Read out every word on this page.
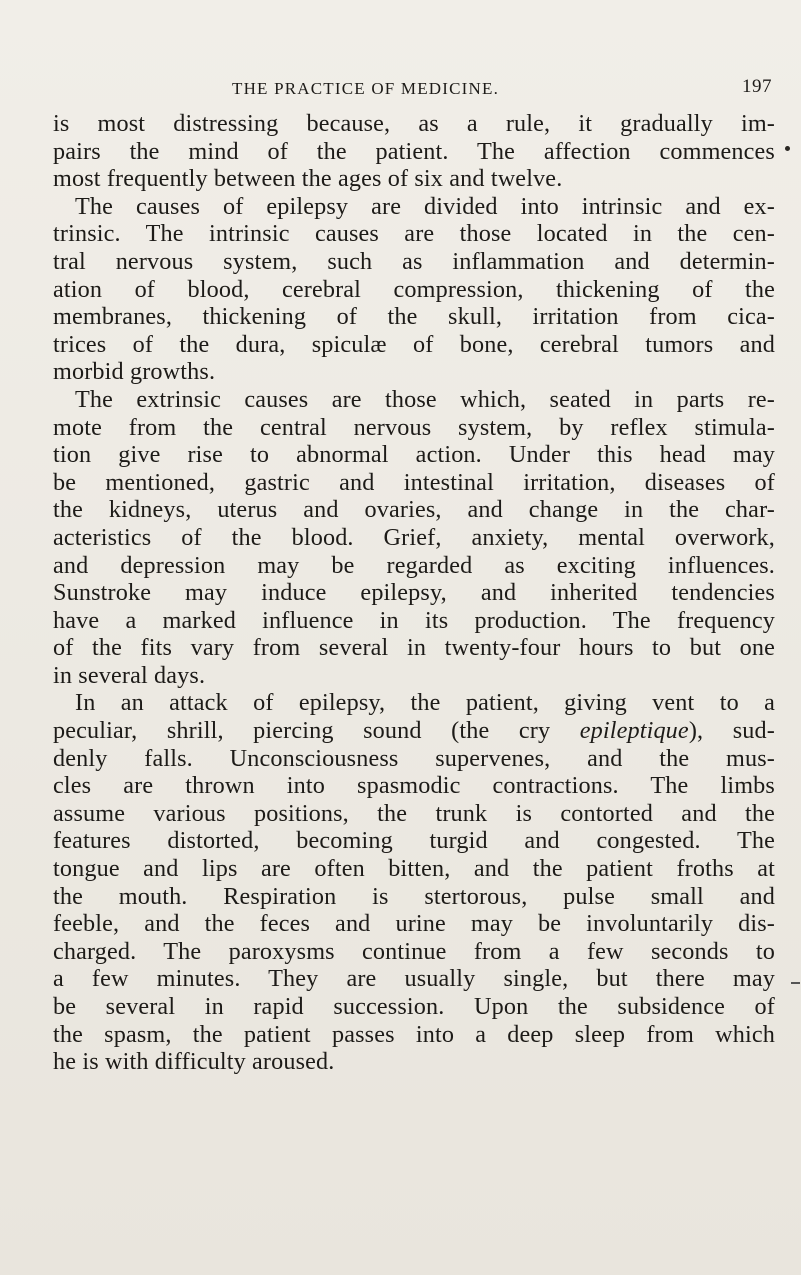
THE PRACTICE OF MEDICINE.	197
is most distressing because, as a rule, it gradually im-
pairs the mind of the patient. The affection commences
most frequently between the ages of six and twelve.
The causes of epilepsy are divided into intrinsic and ex-
trinsic. The intrinsic causes are those located in the cen-
tral nervous system, such as inflammation and determin-
ation of blood, cerebral compression, thickening of the
membranes, thickening of the skull, irritation from cica-
trices of the dura, spiculæ of bone, cerebral tumors and
morbid growths.
The extrinsic causes are those which, seated in parts re-
mote from the central nervous system, by reflex stimula-
tion give rise to abnormal action. Under this head may
be mentioned, gastric and intestinal irritation, diseases of
the kidneys, uterus and ovaries, and change in the char-
acteristics of the blood. Grief, anxiety, mental overwork,
and depression may be regarded as exciting influences.
Sunstroke may induce epilepsy, and inherited tendencies
have a marked influence in its production. The frequency
of the fits vary from several in twenty-four hours to but one
in several days.
In an attack of epilepsy, the patient, giving vent to a
peculiar, shrill, piercing sound (the cry epileptique), sud-
denly falls. Unconsciousness supervenes, and the mus-
cles are thrown into spasmodic contractions. The limbs
assume various positions, the trunk is contorted and the
features distorted, becoming turgid and congested. The
tongue and lips are often bitten, and the patient froths at
the mouth. Respiration is stertorous, pulse small and
feeble, and the feces and urine may be involuntarily dis-
charged. The paroxysms continue from a few seconds to
a few minutes. They are usually single, but there may
be several in rapid succession. Upon the subsidence of
the spasm, the patient passes into a deep sleep from which
he is with difficulty aroused.
